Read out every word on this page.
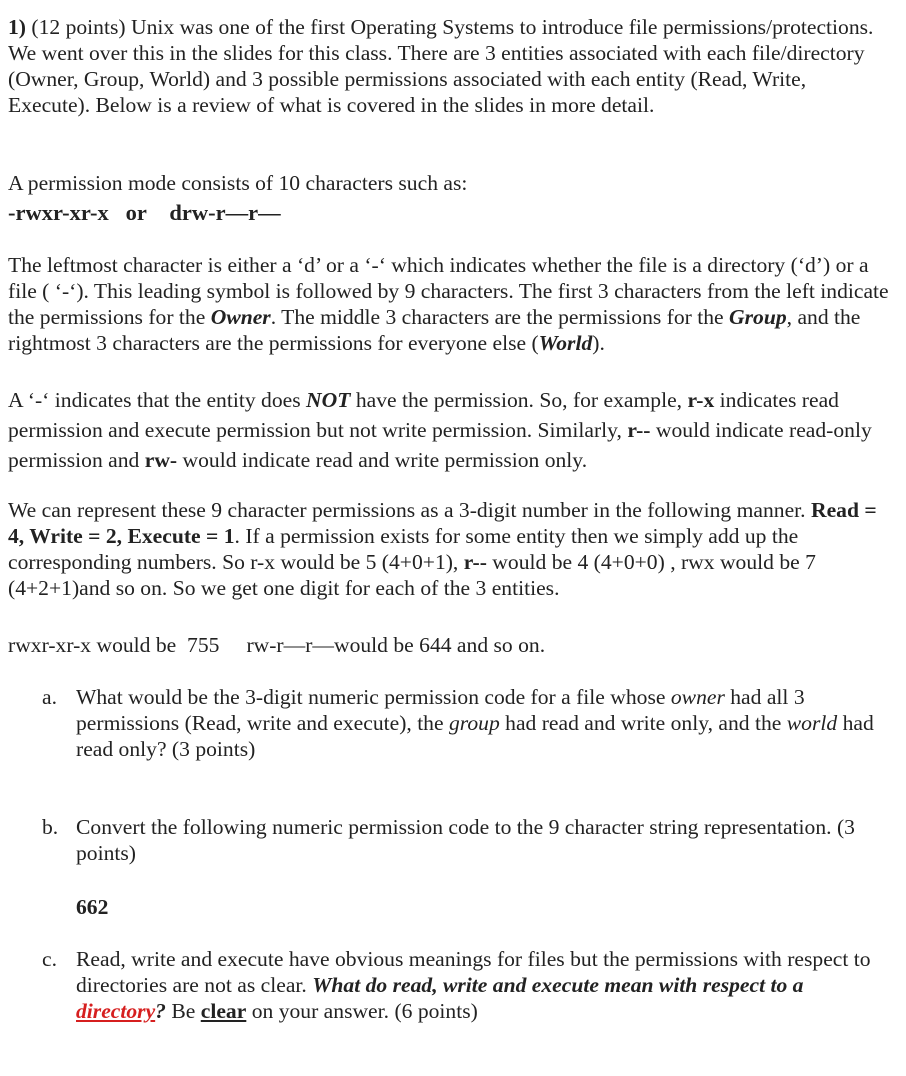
1) (12 points) Unix was one of the first Operating Systems to introduce file permissions/protections. We went over this in the slides for this class. There are 3 entities associated with each file/directory (Owner, Group, World) and 3 possible permissions associated with each entity (Read, Write, Execute). Below is a review of what is covered in the slides in more detail.

A permission mode consists of 10 characters such as:

-rwxr-xr-x or drw-r—r—

The leftmost character is either a ‘d’ or a ‘-‘ which indicates whether the file is a directory (‘d’) or a file ( ‘-‘). This leading symbol is followed by 9 characters. The first 3 characters from the left indicate the permissions for the Owner. The middle 3 characters are the permissions for the Group, and the rightmost 3 characters are the permissions for everyone else (World).

A ‘-‘ indicates that the entity does NOT have the permission. So, for example, r-x indicates read permission and execute permission but not write permission. Similarly, r-- would indicate read-only permission and rw- would indicate read and write permission only.

We can represent these 9 character permissions as a 3-digit number in the following manner. Read = 4, Write = 2, Execute = 1. If a permission exists for some entity then we simply add up the corresponding numbers. So r-x would be 5 (4+0+1), r-- would be 4 (4+0+0) , rwx would be 7 (4+2+1)and so on. So we get one digit for each of the 3 entities.

rwxr-xr-x would be  755 rw-r—r—would be 644 and so on.

a. What would be the 3-digit numeric permission code for a file whose owner had all 3 permissions (Read, write and execute), the group had read and write only, and the world had read only? (3 points)

b. Convert the following numeric permission code to the 9 character string representation. (3 points)

662

c. Read, write and execute have obvious meanings for files but the permissions with respect to directories are not as clear. What do read, write and execute mean with respect to a directory? Be clear on your answer. (6 points)
